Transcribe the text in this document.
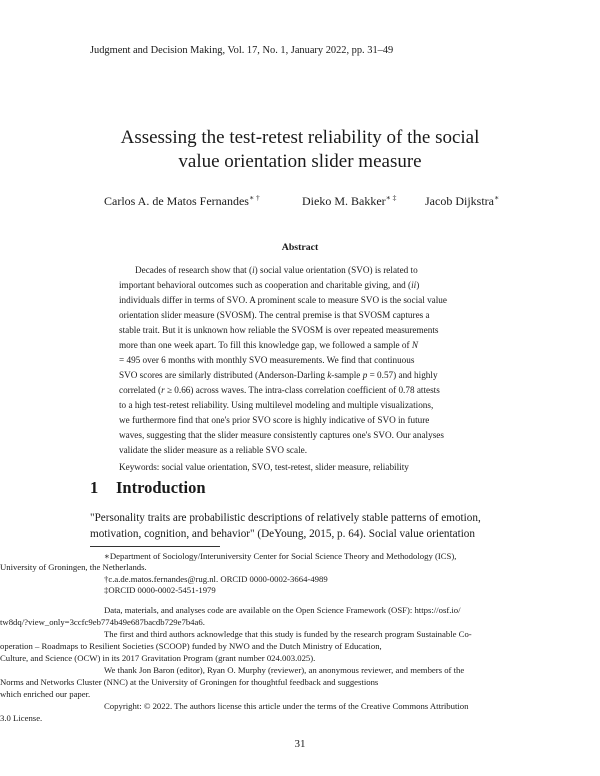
Judgment and Decision Making, Vol. 17, No. 1, January 2022, pp. 31–49
Assessing the test-retest reliability of the social
value orientation slider measure
Carlos A. de Matos Fernandes∗ †	Dieko M. Bakker∗ ‡ Jacob Dijkstra∗
Abstract
Decades of research show that (i) social value orientation (SVO) is related to
important behavioral outcomes such as cooperation and charitable giving, and (ii)
individuals differ in terms of SVO. A prominent scale to measure SVO is the social value
orientation slider measure (SVOSM). The central premise is that SVOSM captures a
stable trait. But it is unknown how reliable the SVOSM is over repeated measurements
more than one week apart. To fill this knowledge gap, we followed a sample of N
= 495 over 6 months with monthly SVO measurements. We find that continuous
SVO scores are similarly distributed (Anderson-Darling k-sample p = 0.57) and highly
correlated (r ≥ 0.66) across waves. The intra-class correlation coefficient of 0.78 attests
to a high test-retest reliability. Using multilevel modeling and multiple visualizations,
we furthermore find that one's prior SVO score is highly indicative of SVO in future
waves, suggesting that the slider measure consistently captures one's SVO. Our analyses
validate the slider measure as a reliable SVO scale.
Keywords: social value orientation, SVO, test-retest, slider measure, reliability
1 Introduction
"Personality traits are probabilistic descriptions of relatively stable patterns of emotion,
motivation, cognition, and behavior" (DeYoung, 2015, p. 64). Social value orientation
∗Department of Sociology/Interuniversity Center for Social Science Theory and Methodology (ICS),
University of Groningen, the Netherlands.
†c.a.de.matos.fernandes@rug.nl. ORCID 0000-0002-3664-4989
‡ORCID 0000-0002-5451-1979
Data, materials, and analyses code are available on the Open Science Framework (OSF): https://osf.io/
tw8dq/?view_only=3ccfc9eb774b49e687bacdb729e7b4a6.
The first and third authors acknowledge that this study is funded by the research program Sustainable Co-
operation – Roadmaps to Resilient Societies (SCOOP) funded by NWO and the Dutch Ministry of Education,
Culture, and Science (OCW) in its 2017 Gravitation Program (grant number 024.003.025).
We thank Jon Baron (editor), Ryan O. Murphy (reviewer), an anonymous reviewer, and members of the
Norms and Networks Cluster (NNC) at the University of Groningen for thoughtful feedback and suggestions
which enriched our paper.
Copyright: © 2022. The authors license this article under the terms of the Creative Commons Attribution
3.0 License.
31
